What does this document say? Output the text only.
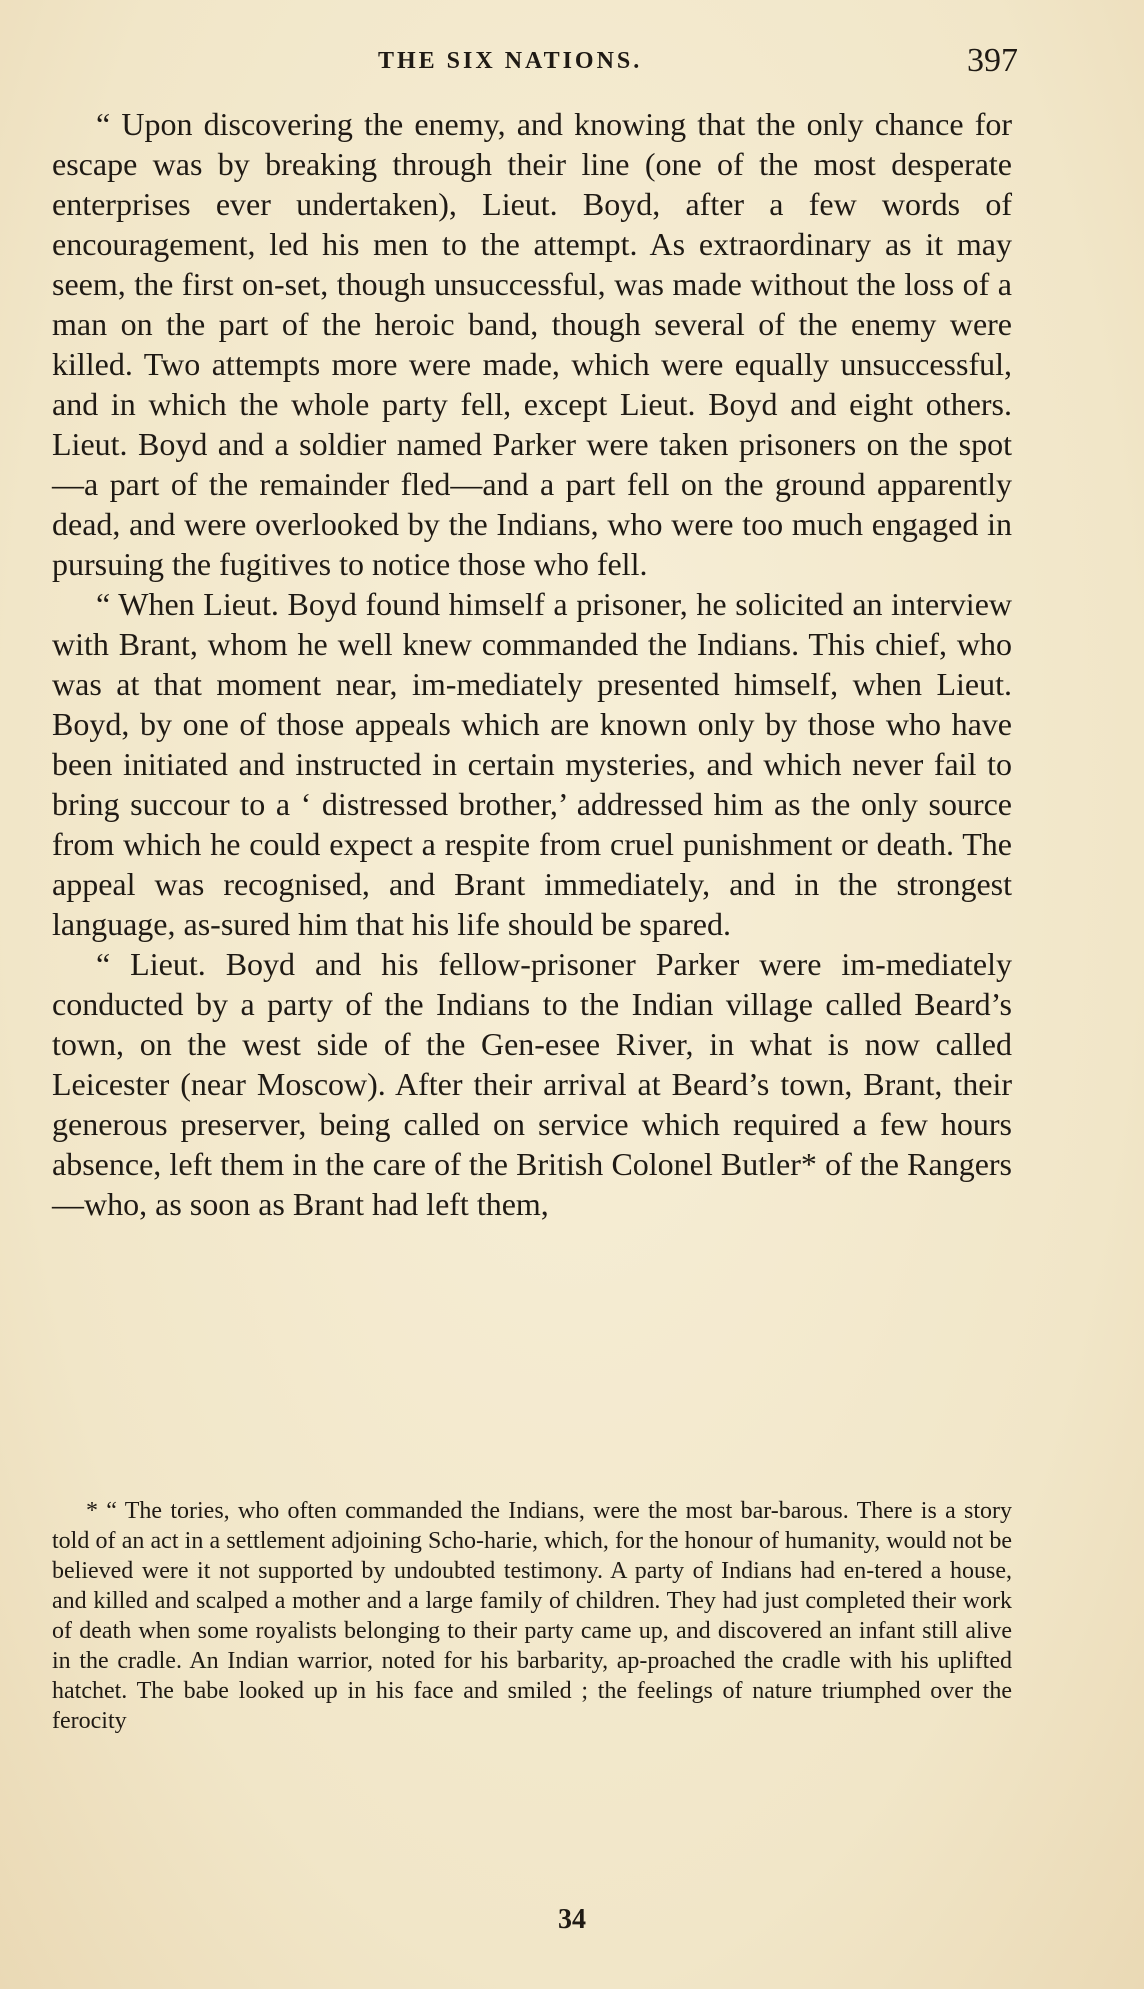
THE SIX NATIONS.	397

“ Upon discovering the enemy, and knowing that the only chance for escape was by breaking through their line (one of the most desperate enterprises ever undertaken), Lieut. Boyd, after a few words of encouragement, led his men to the attempt. As extraordinary as it may seem, the first on-set, though unsuccessful, was made without the loss of a man on the part of the heroic band, though several of the enemy were killed. Two attempts more were made, which were equally unsuccessful, and in which the whole party fell, except Lieut. Boyd and eight others. Lieut. Boyd and a soldier named Parker were taken prisoners on the spot—a part of the remainder fled—and a part fell on the ground apparently dead, and were overlooked by the Indians, who were too much engaged in pursuing the fugitives to notice those who fell.

“ When Lieut. Boyd found himself a prisoner, he solicited an interview with Brant, whom he well knew commanded the Indians. This chief, who was at that moment near, im-mediately presented himself, when Lieut. Boyd, by one of those appeals which are known only by those who have been initiated and instructed in certain mysteries, and which never fail to bring succour to a ‘ distressed brother,’ addressed him as the only source from which he could expect a respite from cruel punishment or death. The appeal was recognised, and Brant immediately, and in the strongest language, as-sured him that his life should be spared.

“ Lieut. Boyd and his fellow-prisoner Parker were im-mediately conducted by a party of the Indians to the Indian village called Beard’s town, on the west side of the Gen-esee River, in what is now called Leicester (near Moscow). After their arrival at Beard’s town, Brant, their generous preserver, being called on service which required a few hours absence, left them in the care of the British Colonel Butler* of the Rangers—who, as soon as Brant had left them,

* “ The tories, who often commanded the Indians, were the most bar-barous. There is a story told of an act in a settlement adjoining Scho-harie, which, for the honour of humanity, would not be believed were it not supported by undoubted testimony. A party of Indians had en-tered a house, and killed and scalped a mother and a large family of children. They had just completed their work of death when some royalists belonging to their party came up, and discovered an infant still alive in the cradle. An Indian warrior, noted for his barbarity, ap-proached the cradle with his uplifted hatchet. The babe looked up in his face and smiled ; the feelings of nature triumphed over the ferocity

34
